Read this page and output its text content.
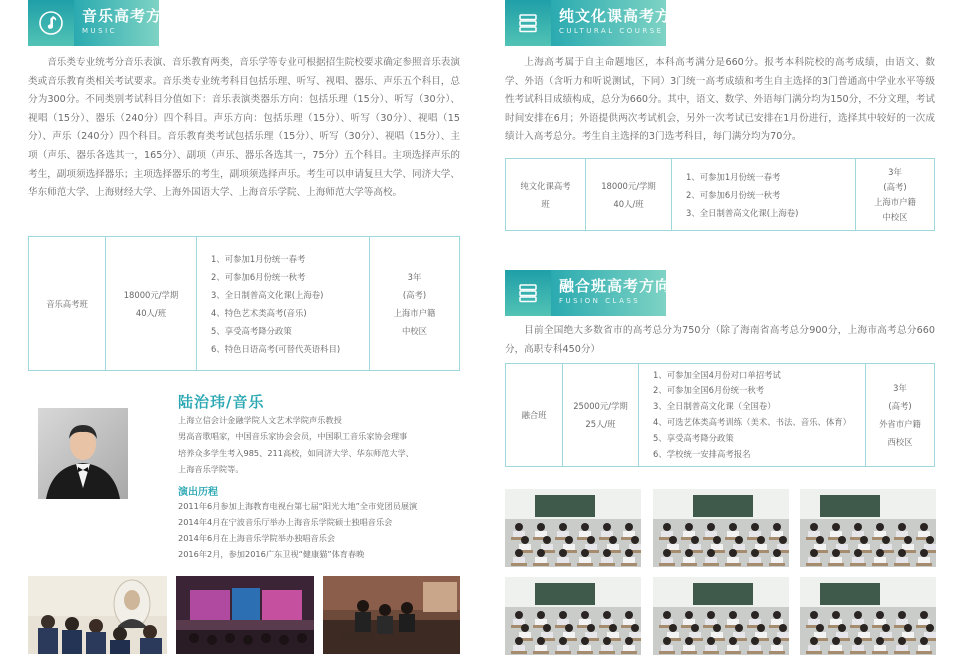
音乐高考方向
MUSIC

音乐类专业统考分音乐表演、音乐教育两类，音乐学等专业可根据招生院校要求确定参照音乐表演类或音乐教育类相关考试要求。音乐类专业统考科目包括乐理、听写、视唱、器乐、声乐五个科目，总分为300分。不同类别考试科目分值如下：音乐表演类器乐方向：包括乐理（15分）、听写（30分）、视唱（15分）、器乐（240分）四个科目。声乐方向：包括乐理（15分）、听写（30分）、视唱（15分）、声乐（240分）四个科目。音乐教育类考试包括乐理（15分）、听写（30分）、视唱（15分）、主项（声乐、器乐各选其一，165分）、副项（声乐、器乐各选其一，75分）五个科目。主项选择声乐的考生，副项须选择器乐；主项选择器乐的考生，副项须选择声乐。考生可以申请复旦大学、同济大学、华东师范大学、上海财经大学、上海外国语大学、上海音乐学院、上海师范大学等高校。

音乐高考班	
18000元/学期
40人/班

1、可参加1月份统一春考
2、可参加6月份统一秋考
3、全日制普高文化课(上海卷)
4、特色艺术类高考(音乐)
5、享受高考降分政策
6、特色日语高考(可替代英语科目)

3年
(高考)
上海市户籍
中校区
陆治玮/音乐
上海立信会计金融学院人文艺术学院声乐教授
男高音歌唱家，中国音乐家协会会员，中国职工音乐家协会理事
培养众多学生考入985、211高校，如同济大学、华东师范大学、
上海音乐学院等。
演出历程
2011年6月参加上海教育电视台第七届“阳光大地”全市党团员展演
2014年4月在宁波音乐厅举办上海音乐学院硕士独唱音乐会
2014年6月在上海音乐学院举办独唱音乐会
2016年2月，参加2016广东卫视“健康猫”体育春晚
纯文化课高考方向
CULTURAL COURSE

上海高考属于自主命题地区，本科高考满分是660分。报考本科院校的高考成绩，由语文、数学、外语（含听力和听说测试，下同）3门统一高考成绩和考生自主选择的3门普通高中学业水平等级性考试科目成绩构成，总分为660分。其中，语文、数学、外语每门满分均为150分，不分文理，考试时间安排在6月；外语提供两次考试机会，另外一次考试已安排在1月份进行，选择其中较好的一次成绩计入高考总分。考生自主选择的3门选考科目，每门满分均为70分。

纯文化课高考班

18000元/学期
40人/班

1、可参加1月份统一春考
2、可参加6月份统一秋考
3、全日制普高文化课(上海卷)

3年
(高考)
上海市户籍
中校区
融合班高考方向
FUSION CLASS

目前全国绝大多数省市的高考总分为750分（除了海南省高考总分900分，上海市高考总分660分，高职专科450分）

融合班	
25000元/学期
25人/班

1、可参加全国4月份对口单招考试
2、可参加全国6月份统一秋考
3、全日制普高文化课（全国卷）
4、可选艺体类高考训练（美术、书法、音乐、体育）
5、享受高考降分政策
6、学校统一安排高考报名

3年
(高考)
外省市户籍
西校区
